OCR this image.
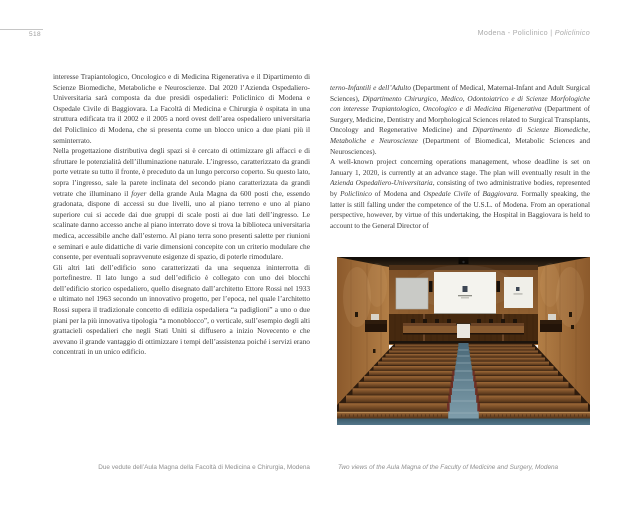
518	Modena - Policlinico | Policlinico

interesse Trapiantologico, Oncologico e di Medicina Rigenerativa e il Dipartimento di Scienze Biomediche, Metaboliche e Neuroscienze. Dal 2020 l’Azienda Ospedaliero-Universitaria sarà composta da due presidi ospedalieri: Policlinico di Modena e Ospedale Civile di Baggiovara. La Facoltà di Medicina e Chirurgia è ospitata in una struttura edificata tra il 2002 e il 2005 a nord ovest dell’area ospedaliero universitaria del Policlinico di Modena, che si presenta come un blocco unico a due piani più il seminterrato.

Nella progettazione distributiva degli spazi si è cercato di ottimizzare gli affacci e di sfruttare le potenzialità dell’illuminazione naturale. L’ingresso, caratterizzato da grandi porte vetrate su tutto il fronte, è preceduto da un lungo percorso coperto. Su questo lato, sopra l’ingresso, sale la parete inclinata del secondo piano caratterizzata da grandi vetrate che illuminano il foyer della grande Aula Magna da 600 posti che, essendo gradonata, dispone di accessi su due livelli, uno al piano terreno e uno al piano superiore cui si accede dai due gruppi di scale posti ai due lati dell’ingresso. Le scalinate danno accesso anche al piano interrato dove si trova la biblioteca universitaria medica, accessibile anche dall’esterno. Al piano terra sono presenti salette per riunioni e seminari e aule didattiche di varie dimensioni concepite con un criterio modulare che consente, per eventuali sopravvenute esigenze di spazio, di poterle rimodulare.

Gli altri lati dell’edificio sono caratterizzati da una sequenza ininterrotta di portefinestre. Il lato lungo a sud dell’edificio è collegato con uno dei blocchi dell’edificio storico ospedaliero, quello disegnato dall’architetto Ettore Rossi nel 1933 e ultimato nel 1963 secondo un innovativo progetto, per l’epoca, nel quale l’architetto Rossi supera il tradizionale concetto di edilizia ospedaliera “a padiglioni” a uno o due piani per la più innovativa tipologia “a monoblocco”, o verticale, sull’esempio degli alti grattacieli ospedalieri che negli Stati Uniti si diffusero a inizio Novecento e che avevano il grande vantaggio di ottimizzare i tempi dell’assistenza poiché i servizi erano concentrati in un unico edificio.

terno-Infantili e dell’Adulto (Department of Medical, Maternal-Infant and Adult Surgical Sciences), Dipartimento Chirurgico, Medico, Odontoiatrico e di Scienze Morfologiche con interesse Trapiantologico, Oncologico e di Medicina Rigenerativa (Department of Surgery, Medicine, Dentistry and Morphological Sciences related to Surgical Transplants, Oncology and Regenerative Medicine) and Dipartimento di Scienze Biomediche, Metaboliche e Neuroscienze (Department of Biomedical, Metabolic Sciences and Neurosciences).

A well-known project concerning operations management, whose deadline is set on January 1, 2020, is currently at an advance stage. The plan will eventually result in the Azienda Ospedaliero-Universitaria, consisting of two administrative bodies, represented by Policlinico of Modena and Ospedale Civile of Baggiovara. Formally speaking, the latter is still falling under the competence of the U.S.L. of Modena. From an operational perspective, however, by virtue of this undertaking, the Hospital in Baggiovara is held to account to the General Director of

Due vedute dell’Aula Magna della Facoltà di Medicina e Chirurgia, Modena	Two views of the Aula Magna of the Faculty of Medicine and Surgery, Modena
